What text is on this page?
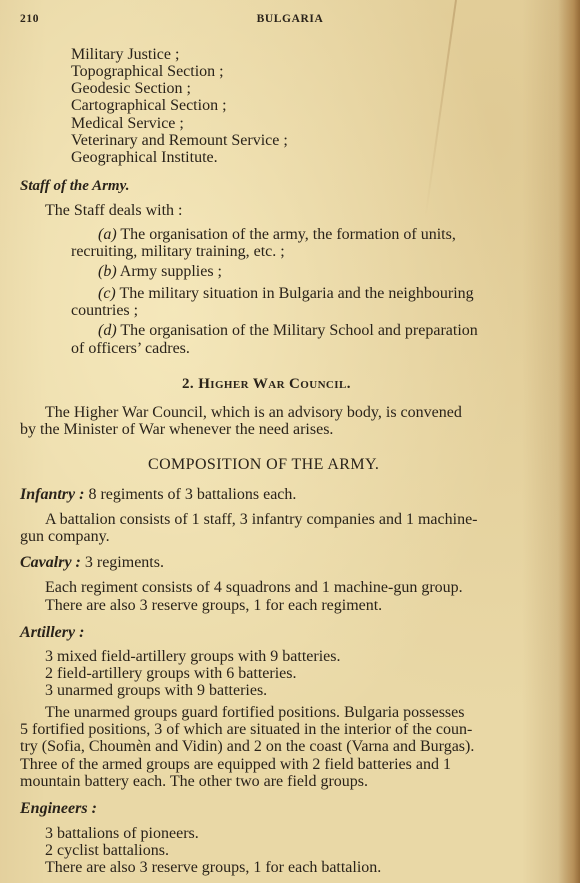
210	BULGARIA
Military Justice ;
Topographical Section ;
Geodesic Section ;
Cartographical Section ;
Medical Service ;
Veterinary and Remount Service ;
Geographical Institute.
Staff of the Army.
The Staff deals with :
(a) The organisation of the army, the formation of units,
recruiting, military training, etc. ;
(b) Army supplies ;
(c) The military situation in Bulgaria and the neighbouring
countries ;
(d) The organisation of the Military School and preparation
of officers’ cadres.
2. Higher War Council.
The Higher War Council, which is an advisory body, is convened
by the Minister of War whenever the need arises.
COMPOSITION OF THE ARMY.
Infantry : 8 regiments of 3 battalions each.
A battalion consists of 1 staff, 3 infantry companies and 1 machine-
gun company.
Cavalry : 3 regiments.
Each regiment consists of 4 squadrons and 1 machine-gun group.
There are also 3 reserve groups, 1 for each regiment.
Artillery :
3 mixed field-artillery groups with 9 batteries.
2 field-artillery groups with 6 batteries.
3 unarmed groups with 9 batteries.
The unarmed groups guard fortified positions. Bulgaria possesses
5 fortified positions, 3 of which are situated in the interior of the coun-
try (Sofia, Choumèn and Vidin) and 2 on the coast (Varna and Burgas).
Three of the armed groups are equipped with 2 field batteries and 1
mountain battery each. The other two are field groups.
Engineers :
3 battalions of pioneers.
2 cyclist battalions.
There are also 3 reserve groups, 1 for each battalion.
